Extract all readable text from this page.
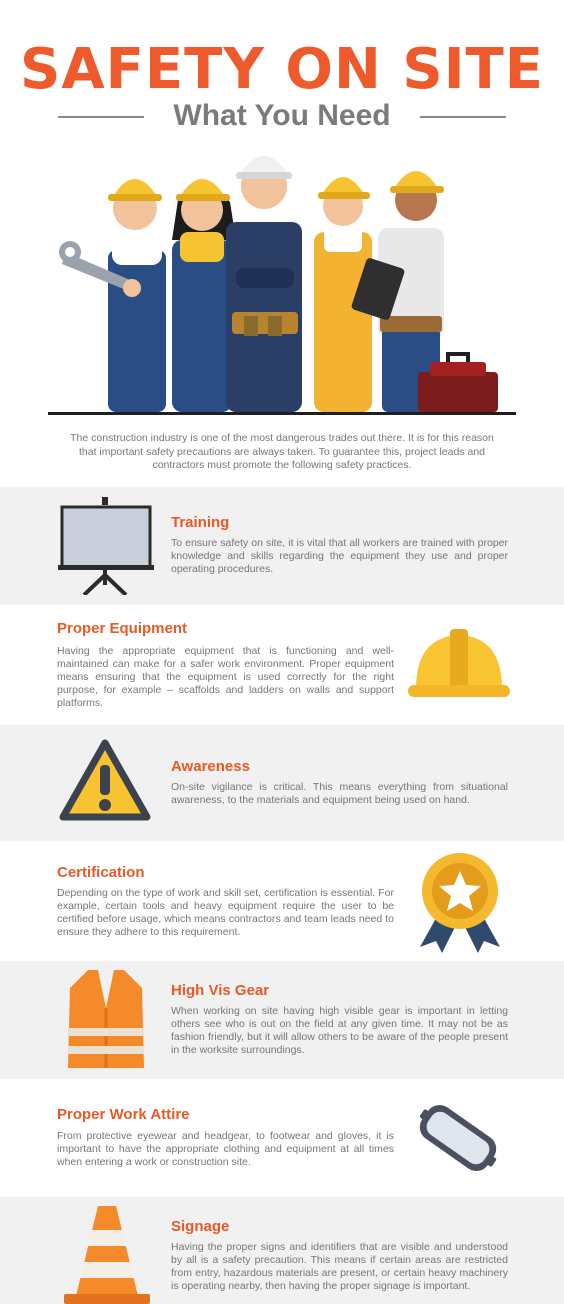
SAFETY ON SITE
What You Need
The construction industry is one of the most dangerous trades out there. It is for this reason that important safety precautions are always taken. To guarantee this, project leads and contractors must promote the following safety practices.
Training
To ensure safety on site, it is vital that all workers are trained with proper knowledge and skills regarding the equipment they use and proper operating procedures.
Proper Equipment
Having the appropriate equipment that is functioning and well-maintained can make for a safer work environment. Proper equipment means ensuring that the equipment is used correctly for the right purpose, for example – scaffolds and ladders on walls and support platforms.
Awareness
On-site vigilance is critical. This means everything from situational awareness, to the materials and equipment being used on hand.
Certification
Depending on the type of work and skill set, certification is essential. For example, certain tools and heavy equipment require the user to be certified before usage, which means contractors and team leads need to ensure they adhere to this requirement.
High Vis Gear
When working on site having high visible gear is important in letting others see who is out on the field at any given time. It may not be as fashion friendly, but it will allow others to be aware of the people present in the worksite surroundings.
Proper Work Attire
From protective eyewear and headgear, to footwear and gloves, it is important to have the appropriate clothing and equipment at all times when entering a work or construction site.
Signage
Having the proper signs and identifiers that are visible and understood by all is a safety precaution. This means if certain areas are restricted from entry, hazardous materials are present, or certain heavy machinery is operating nearby, then having the proper signage is important.
